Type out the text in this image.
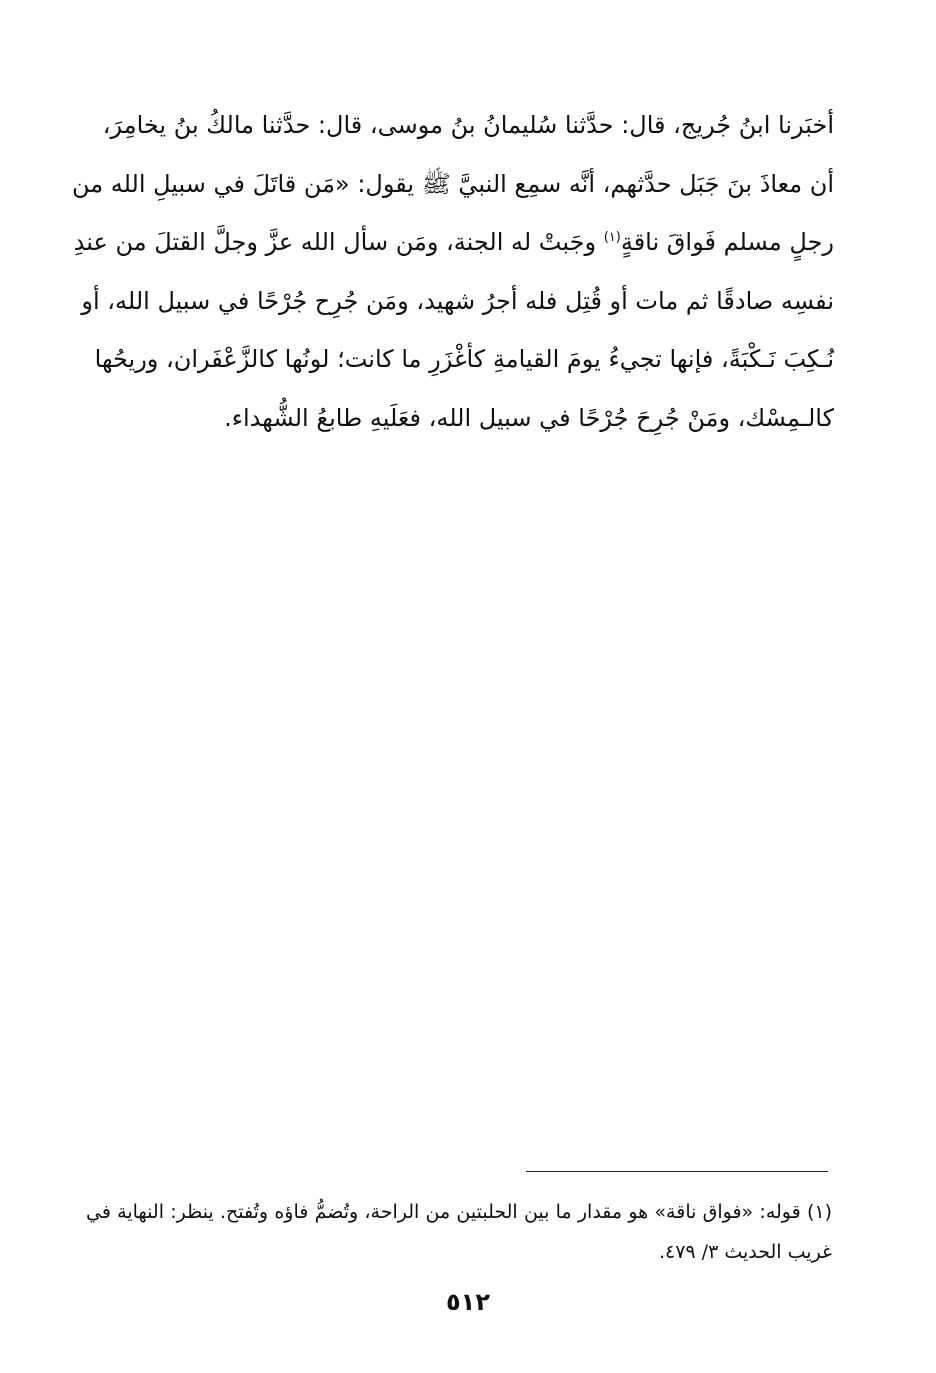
أخبَرنا ابنُ جُريج، قال: حدَّثنا سُليمانُ بنُ موسى، قال: حدَّثنا مالكُ بنُ يخامِرَ،
أن معاذَ بنَ جَبَل حدَّثهم، أنَّه سمِع النبيَّ ﷺ يقول: «مَن قاتَلَ في سبيلِ الله من
رجلٍ مسلم فَواقَ ناقةٍ$^{(١)}$ وجَبتْ له الجنة، ومَن سأل الله عزَّ وجلَّ القتلَ من عندِ
نفسِه صادقًا ثم مات أو قُتِل فله أجرُ شهيد، ومَن جُرِح جُرْحًا في سبيل الله، أو
نُـكِبَ نَـكْبَةً، فإنها تجيءُ يومَ القيامةِ كأغْزَرِ ما كانت؛ لونُها كالزَّعْفَران، وريحُها
كالـمِسْك، ومَنْ جُرِحَ جُرْحًا في سبيل الله، فعَلَيهِ طابعُ الشُّهداء.
(١) قوله: «فواق ناقة» هو مقدار ما بين الحلبتين من الراحة، وتُضمُّ فاؤه وتُفتح. ينظر: النهاية في
غريب الحديث ٣/ ٤٧٩.
٥١٢
